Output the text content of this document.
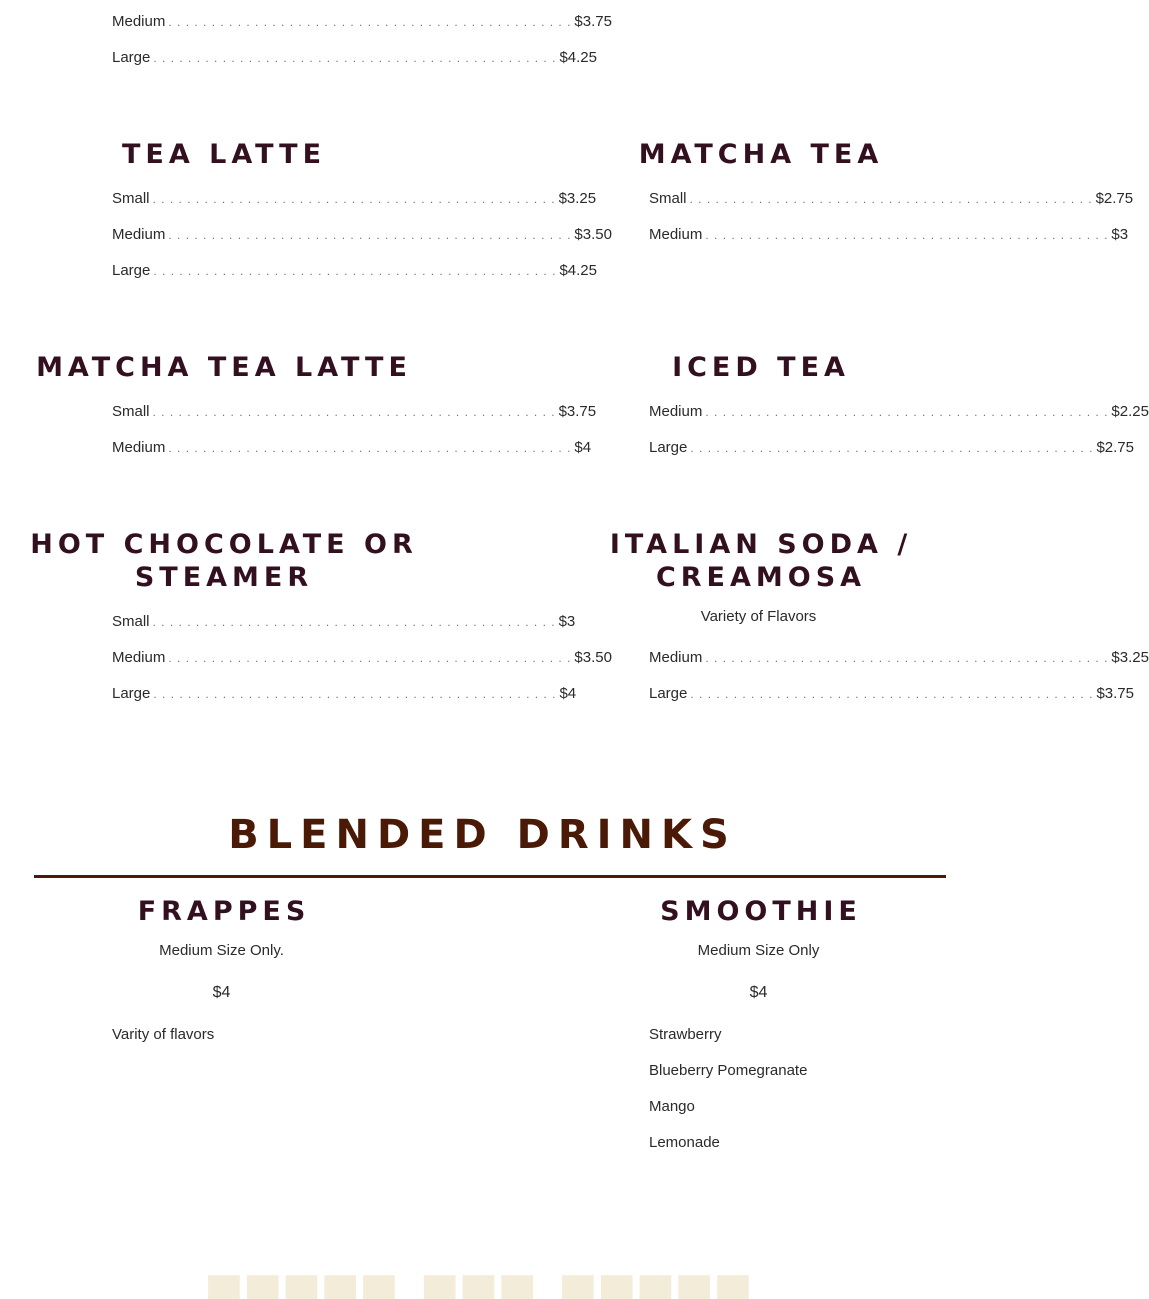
Medium . . .	$3.75
Large . . .	$4.25
TEA LATTE
Small . . .	$3.25
Medium . . .	$3.50
Large . . .	$4.25
MATCHA TEA
Small . . .	$2.75
Medium . . .	$3
MATCHA TEA LATTE
Small . . .	$3.75
Medium . . .	$4
ICED TEA
Medium . . .	$2.25
Large . . .	$2.75
HOT CHOCOLATE OR
STEAMER
Small . . .	$3
Medium . . .	$3.50
Large . . .	$4
ITALIAN SODA /
CREAMOSA
Variety of Flavors
Medium . . .	$3.25
Large . . .	$3.75
BLENDED DRINKS
FRAPPES
Medium Size Only.
$4
Varity of flavors
SMOOTHIE
Medium Size Only
$4
Strawberry
Blueberry Pomegranate
Mango
Lemonade
▄▄▄▄▄ ▄▄▄ ▄▄▄▄▄
